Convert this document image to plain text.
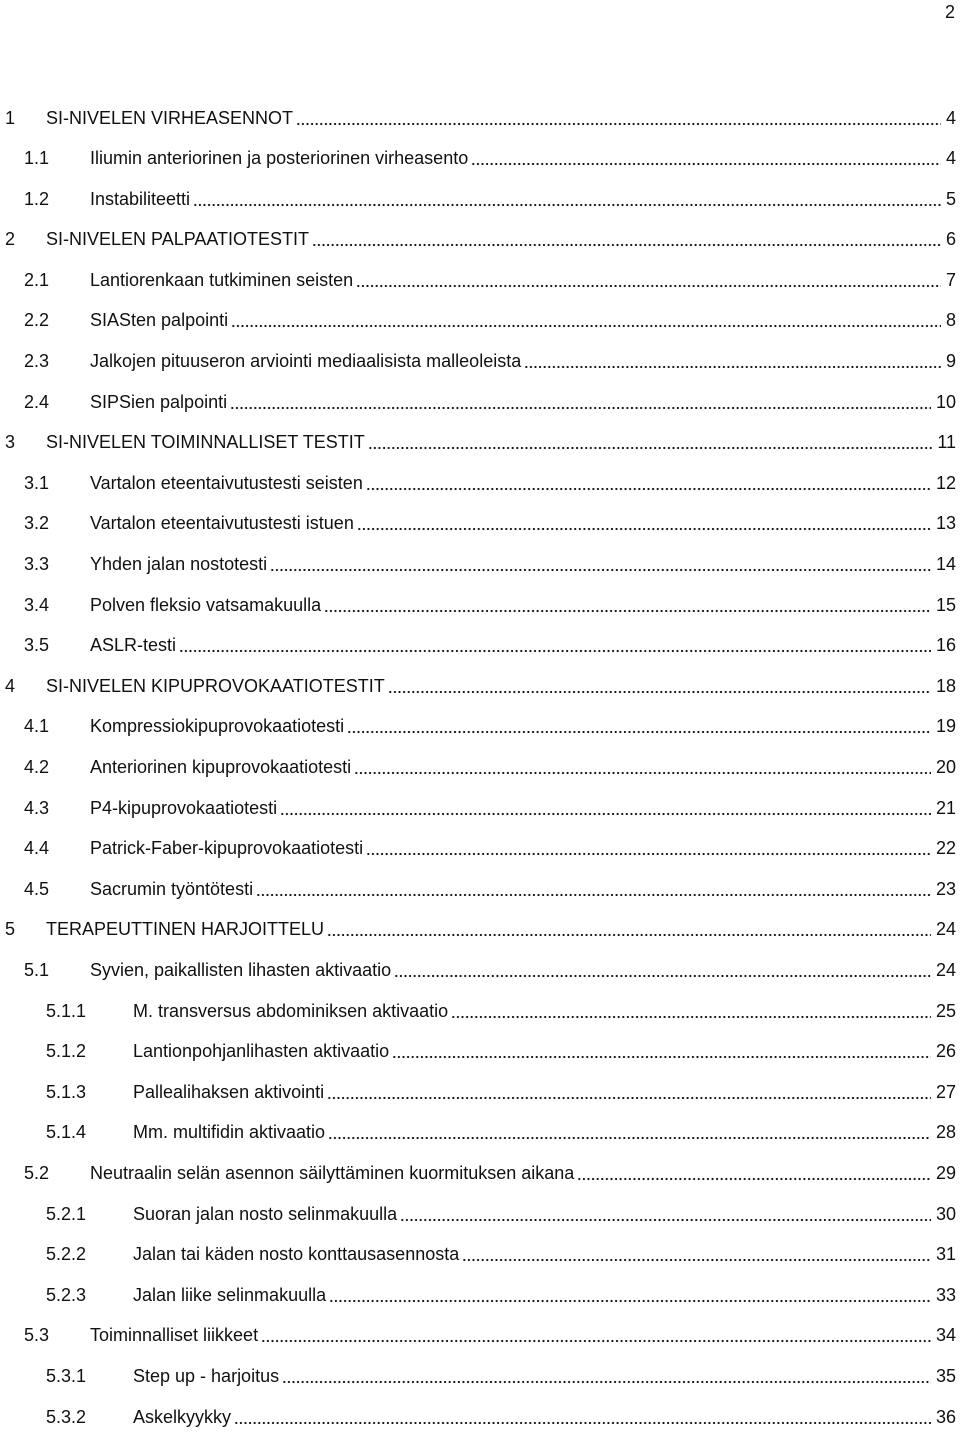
2
1	SI-NIVELEN VIRHEASENNOT	4
1.1	Iliumin anteriorinen ja posteriorinen virheasento	4
1.2	Instabiliteetti	5
2	SI-NIVELEN PALPAATIOTESTIT	6
2.1	Lantiorenkaan tutkiminen seisten	7
2.2	SIASten palpointi	8
2.3	Jalkojen pituuseron arviointi mediaalisista malleoleista	9
2.4	SIPSien palpointi	10
3	SI-NIVELEN TOIMINNALLISET TESTIT	11
3.1	Vartalon eteentaivutustesti seisten	12
3.2	Vartalon eteentaivutustesti istuen	13
3.3	Yhden jalan nostotesti	14
3.4	Polven fleksio vatsamakuulla	15
3.5	ASLR-testi	16
4	SI-NIVELEN KIPUPROVOKAATIOTESTIT	18
4.1	Kompressiokipuprovokaatiotesti	19
4.2	Anteriorinen kipuprovokaatiotesti	20
4.3	P4-kipuprovokaatiotesti	21
4.4	Patrick-Faber-kipuprovokaatiotesti	22
4.5	Sacrumin työntötesti	23
5	TERAPEUTTINEN HARJOITTELU	24
5.1	Syvien, paikallisten lihasten aktivaatio	24
5.1.1	M. transversus abdominiksen aktivaatio	25
5.1.2	Lantionpohjanlihasten aktivaatio	26
5.1.3	Pallealihaksen aktivointi	27
5.1.4	Mm. multifidin aktivaatio	28
5.2	Neutraalin selän asennon säilyttäminen kuormituksen aikana	29
5.2.1	Suoran jalan nosto selinmakuulla	30
5.2.2	Jalan tai käden nosto konttausasennosta	31
5.2.3	Jalan liike selinmakuulla	33
5.3	Toiminnalliset liikkeet	34
5.3.1	Step up - harjoitus	35
5.3.2	Askelkyykky	36
